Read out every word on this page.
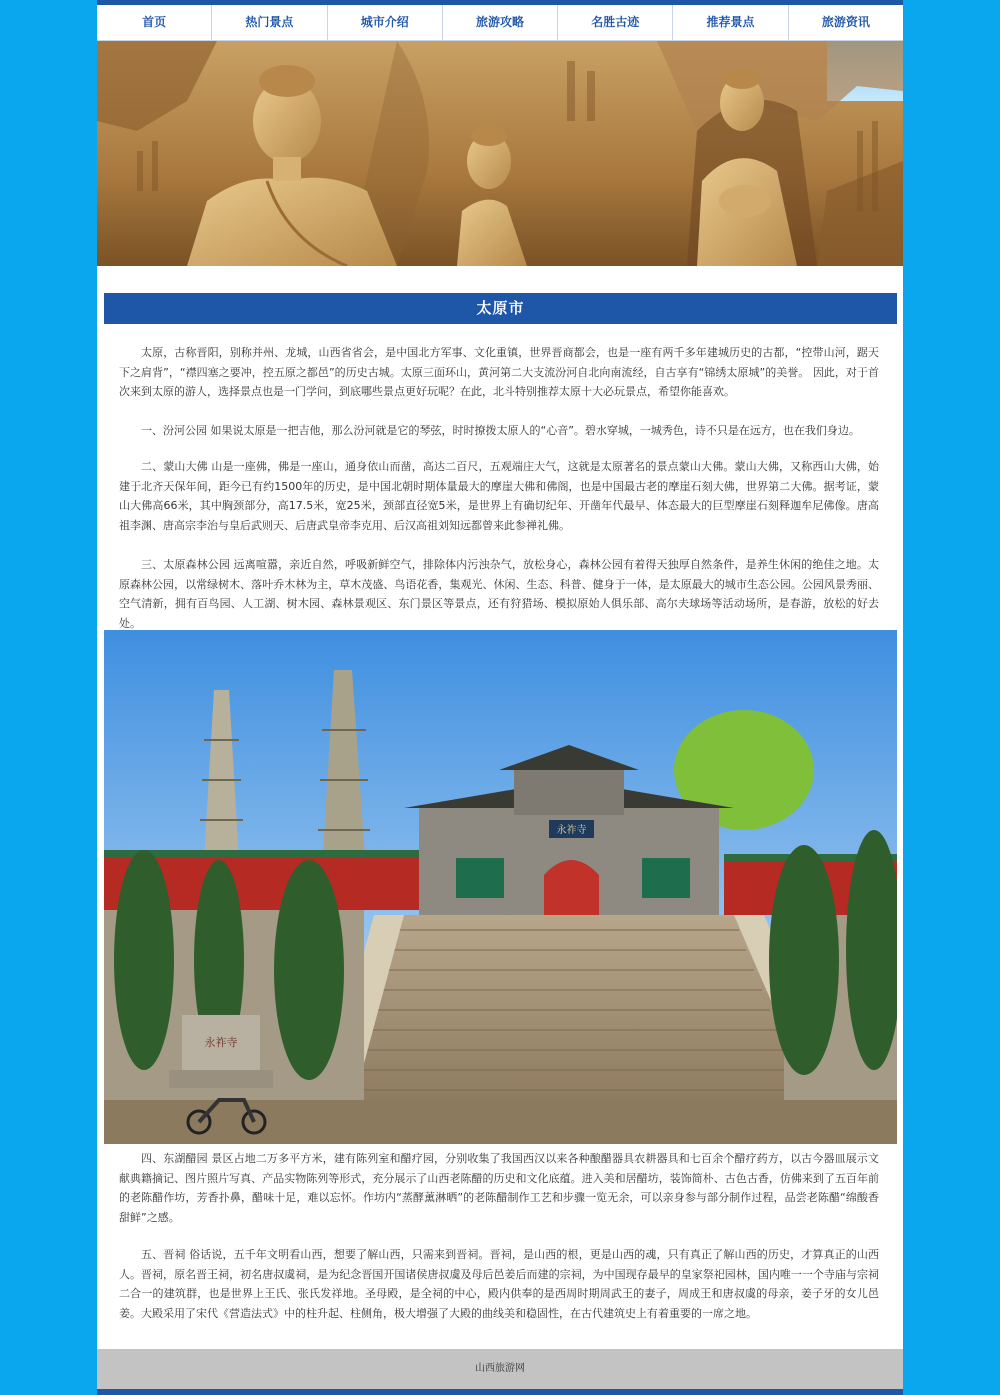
首页	热门景点	城市介绍	旅游攻略	名胜古迹	推荐景点	旅游资讯
太原市

太原，古称晋阳，别称并州、龙城，山西省省会，是中国北方军事、文化重镇，世界晋商都会，也是一座有两千多年建城历史的古都，“控带山河，踞天下之肩背”，“襟四塞之要冲，控五原之都邑”的历史古城。太原三面环山，黄河第二大支流汾河自北向南流经，自古享有“锦绣太原城”的美誉。 因此，对于首次来到太原的游人，选择景点也是一门学问，到底哪些景点更好玩呢？在此，北斗特别推荐太原十大必玩景点，希望你能喜欢。

一、汾河公园 如果说太原是一把吉他，那么汾河就是它的琴弦，时时撩拨太原人的“心音”。碧水穿城，一城秀色，诗不只是在远方，也在我们身边。

二、蒙山大佛 山是一座佛，佛是一座山，通身依山而凿，高达二百尺，五观端庄大气，这就是太原著名的景点蒙山大佛。蒙山大佛，又称西山大佛，始建于北齐天保年间，距今已有约1500年的历史，是中国北朝时期体量最大的摩崖大佛和佛阁，也是中国最古老的摩崖石刻大佛，世界第二大佛。据考证，蒙山大佛高66米，其中胸颈部分，高17.5米，宽25米，颈部直径宽5米，是世界上有确切纪年、开凿年代最早、体态最大的巨型摩崖石刻释迦牟尼佛像。唐高祖李渊、唐高宗李治与皇后武则天、后唐武皇帝李克用、后汉高祖刘知远都曾来此参禅礼佛。

三、太原森林公园 远离喧嚣，亲近自然，呼吸新鲜空气，排除体内污浊杂气，放松身心，森林公园有着得天独厚自然条件，是养生休闲的绝佳之地。太原森林公园，以常绿树木、落叶乔木林为主，草木茂盛、鸟语花香，集观光、休闲、生态、科普、健身于一体，是太原最大的城市生态公园。公园风景秀丽、空气清新，拥有百鸟园、人工湖、树木园、森林景观区、东门景区等景点，还有狩猎场、模拟原始人俱乐部、高尔夫球场等活动场所，是春游，放松的好去处。

永祚寺
永祚寺

四、东湖醋园 景区占地二万多平方米，建有陈列室和醋疗园，分别收集了我国西汉以来各种酿醋器具农耕器具和七百余个醋疗药方，以古今器皿展示文献典籍摘记、图片照片写真、产品实物陈列等形式，充分展示了山西老陈醋的历史和文化底蕴。进入美和居醋坊，装饰简朴、古色古香，仿佛来到了五百年前的老陈醋作坊，芳香扑鼻，醋味十足，难以忘怀。作坊内“蒸酵薰淋晒”的老陈醋制作工艺和步骤一览无余，可以亲身参与部分制作过程，品尝老陈醋“绵酸香甜鲜”之感。

五、晋祠 俗话说，五千年文明看山西，想要了解山西，只需来到晋祠。晋祠，是山西的根，更是山西的魂，只有真正了解山西的历史，才算真正的山西人。晋祠，原名晋王祠，初名唐叔虞祠，是为纪念晋国开国诸侯唐叔虞及母后邑姜后而建的宗祠，为中国现存最早的皇家祭祀园林，国内唯一一个寺庙与宗祠二合一的建筑群，也是世界上王氏、张氏发祥地。圣母殿，是全祠的中心，殿内供奉的是西周时期周武王的妻子，周成王和唐叔虞的母亲，姜子牙的女儿邑姜。大殿采用了宋代《营造法式》中的柱升起、柱侧角，极大增强了大殿的曲线美和稳固性，在古代建筑史上有着重要的一席之地。

山西旅游网
